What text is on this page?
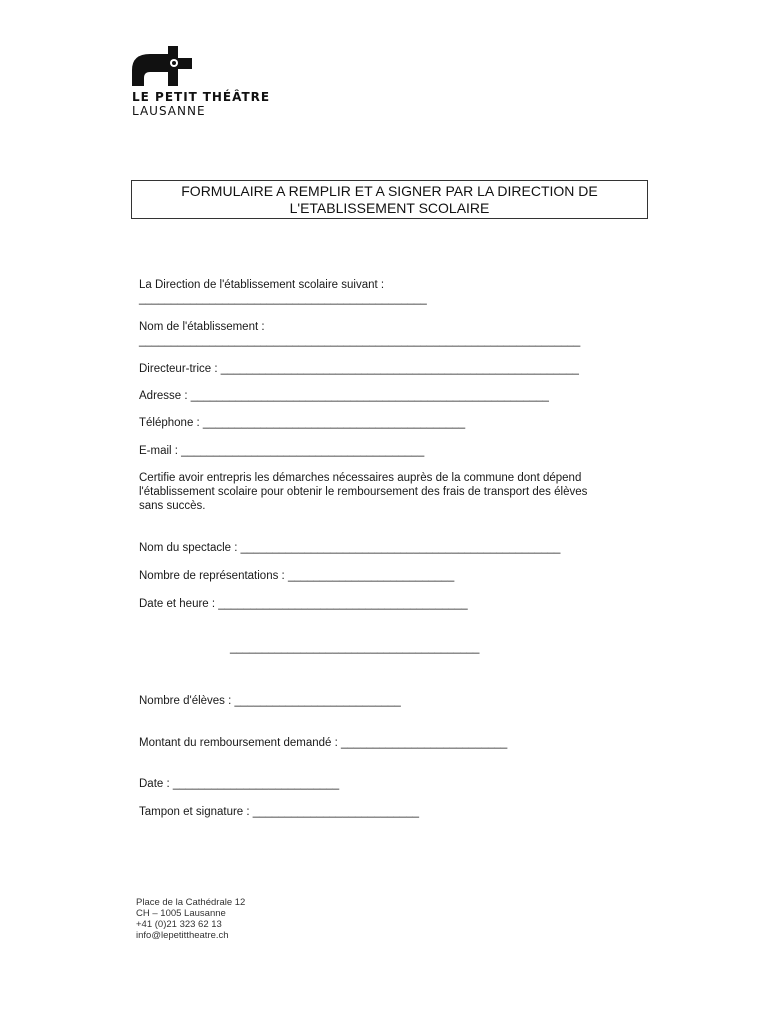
LE PETIT THÉÂTRE
LAUSANNE
FORMULAIRE A REMPLIR ET A SIGNER PAR LA DIRECTION DE
L'ETABLISSEMENT SCOLAIRE
La Direction de l'établissement scolaire suivant :
_____________________________________________
Nom de l'établissement :
_____________________________________________________________________
Directeur-trice : ________________________________________________________
Adresse : ________________________________________________________
Téléphone : _________________________________________
E-mail : ______________________________________
Certifie avoir entrepris les démarches nécessaires auprès de la commune dont dépend
l'établissement scolaire pour obtenir le remboursement des frais de transport des élèves
sans succès.
Nom du spectacle : __________________________________________________
Nombre de représentations : __________________________
Date et heure : _______________________________________
_______________________________________
Nombre d'élèves : __________________________
Montant du remboursement demandé : __________________________
Date : __________________________
Tampon et signature : __________________________
Place de la Cathédrale 12
CH – 1005 Lausanne
+41 (0)21 323 62 13
info@lepetittheatre.ch
